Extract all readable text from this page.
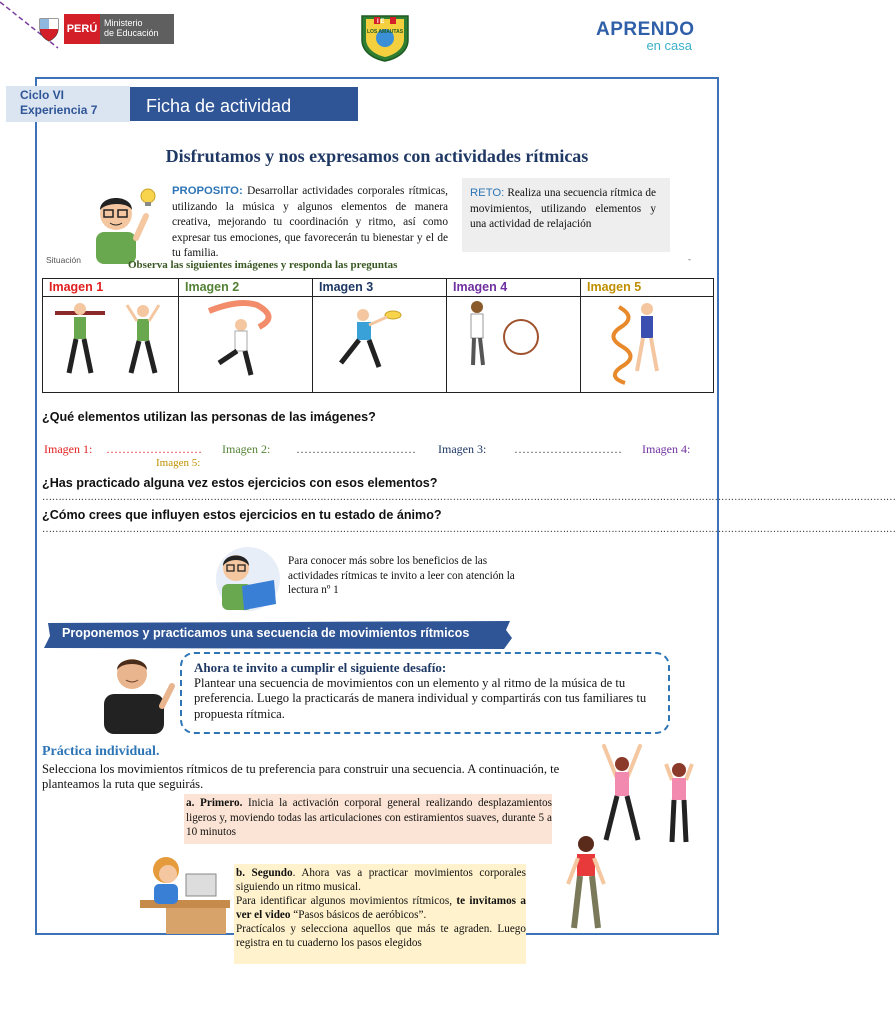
PERÚ Ministerio
de Educación
I E
LOS AMAUTAS	APRENDO
en casa
Ciclo VI
Experiencia 7	Ficha de actividad
Disfrutamos y nos expresamos con actividades rítmicas
PROPOSITO: Desarrollar actividades corporales rítmicas, utilizando la música y algunos elementos de manera creativa, mejorando tu coordinación y ritmo, así como expresar tus emociones, que favorecerán tu bienestar y el de tu familia.
RETO: Realiza una secuencia rítmica de movimientos, utilizando elementos y una actividad de relajación
Situación	Observa las siguientes imágenes y responda las preguntas	-
Imagen 1	Imagen 2	Imagen 3	Imagen 4	Imagen 5
¿Qué elementos utilizan las personas de las imágenes?
Imagen 1: …………………… Imagen 2: ………………………… Imagen 3: ……………………… Imagen 4:
Imagen 5:
¿Has practicado alguna vez estos ejercicios con esos elementos?
…………………………………………………………………………………………………………………………………………………………………………………………………………………………………………
¿Cómo crees que influyen estos ejercicios en tu estado de ánimo?
…………………………………………………………………………………………………………………………………………………………………………………………………………………………………………
Para conocer más sobre los beneficios de las actividades rítmicas te invito a leer con atención la lectura nº 1
Proponemos y practicamos una secuencia de movimientos rítmicos
Ahora te invito a cumplir el siguiente desafío:
Plantear una secuencia de movimientos con un elemento y al ritmo de la música de tu preferencia. Luego la practicarás de manera individual y compartirás con tus familiares tu propuesta rítmica.
Práctica individual.
Selecciona los movimientos rítmicos de tu preferencia para construir una secuencia. A continuación, te planteamos la ruta que seguirás.
a. Primero. Inicia la activación corporal general realizando desplazamientos ligeros y, moviendo todas las articulaciones con estiramientos suaves, durante 5 a 10 minutos
b. Segundo. Ahora vas a practicar movimientos corporales siguiendo un ritmo musical.
Para identificar algunos movimientos rítmicos, te invitamos a ver el video “Pasos básicos de aeróbicos”.
Practícalos y selecciona aquellos que más te agraden. Luego registra en tu cuaderno los pasos elegidos
